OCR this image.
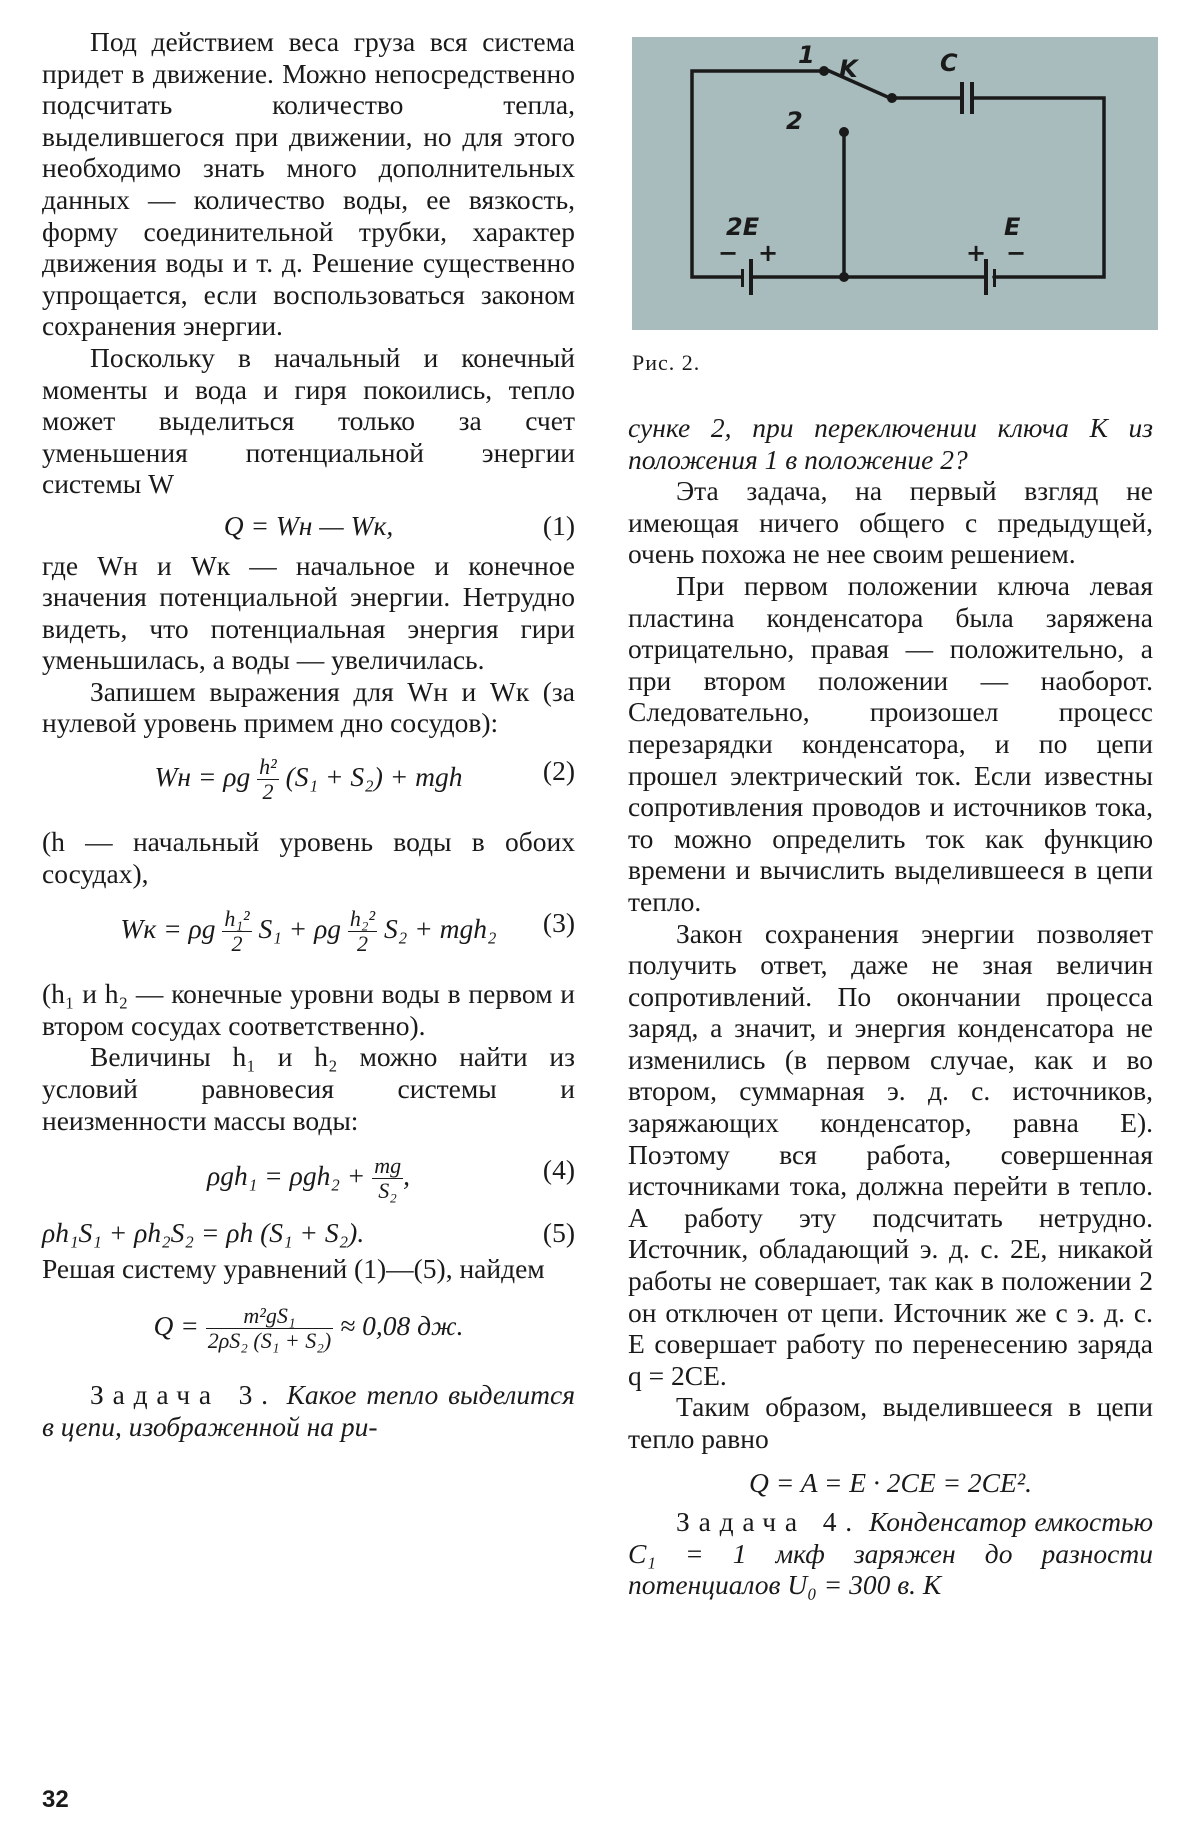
Под действием веса груза вся система придет в движение. Можно непосредственно подсчитать количество тепла, выделившегося при движении, но для этого необходимо знать много дополнительных данных — количество воды, ее вязкость, форму соединительной трубки, характер движения воды и т. д. Решение существенно упрощается, если воспользоваться законом сохранения энергии.

Поскольку в начальный и конечный моменты и вода и гиря покоились, тепло может выделиться только за счет уменьшения потенциальной энергии системы W

Q = Wн — Wк,	(1)

где Wн и Wк — начальное и конечное значения потенциальной энергии. Нетрудно видеть, что потенциальная энергия гири уменьшилась, а воды — увеличилась.

Запишем выражения для Wн и Wк (за нулевой уровень примем дно сосудов):

Wн = ρg $\frac{\text{h²}}{2} (S_1 + S_2)$ + mgh	(2)

(h — начальный уровень воды в обоих сосудах),

Wк = ρg $\frac{\text{h₁²}}{2} S_1 + \rho g \frac{\text{h₂²}}{2} S_2 + mgh_2$ (3)

(h₁ и h₂ — конечные уровни воды в первом и втором сосудах соответственно).

Величины h₁ и h₂ можно найти из условий равновесия системы и неизменности массы воды:

$\rho gh_1 = \rho gh_2 + \frac{mg}{\text{S₂}}$ ,	(4)
ρh₁S₁ + ρh₂S₂ = ρh (S₁ + S₂).	(5)

Решая систему уравнений (1)—(5), найдем

$Q = \frac{\text{m²gS₁}}{\text{2ρS₂ (S₁ + S₂)}} \approx 0,08$ дж.

Задача 3. Какое тепло выделится в цепи, изображенной на ри-

1 K	C
2
2E	E
− +	+ −
Рис. 2.

сунке 2, при переключении ключа К из положения 1 в положение 2?

Эта задача, на первый взгляд не имеющая ничего общего с предыдущей, очень похожа не нее своим решением.

При первом положении ключа левая пластина конденсатора была заряжена отрицательно, правая — положительно, а при втором положении — наоборот. Следовательно, произошел процесс перезарядки конденсатора, и по цепи прошел электрический ток. Если известны сопротивления проводов и источников тока, то можно определить ток как функцию времени и вычислить выделившееся в цепи тепло.

Закон сохранения энергии позволяет получить ответ, даже не зная величин сопротивлений. По окончании процесса заряд, а значит, и энергия конденсатора не изменились (в первом случае, как и во втором, суммарная э. д. с. источников, заряжающих конденсатор, равна E). Поэтому вся работа, совершенная источниками тока, должна перейти в тепло. А работу эту подсчитать нетрудно. Источник, обладающий э. д. с. 2E, никакой работы не совершает, так как в положении 2 он отключен от цепи. Источник же с э. д. с. E совершает работу по перенесению заряда q = 2CE.

Таким образом, выделившееся в цепи тепло равно

Q = A = E · 2CE = 2CE².

Задача 4. Конденсатор емкостью C₁ = 1 мкф заряжен до разности потенциалов U₀ = 300 в. К

32
